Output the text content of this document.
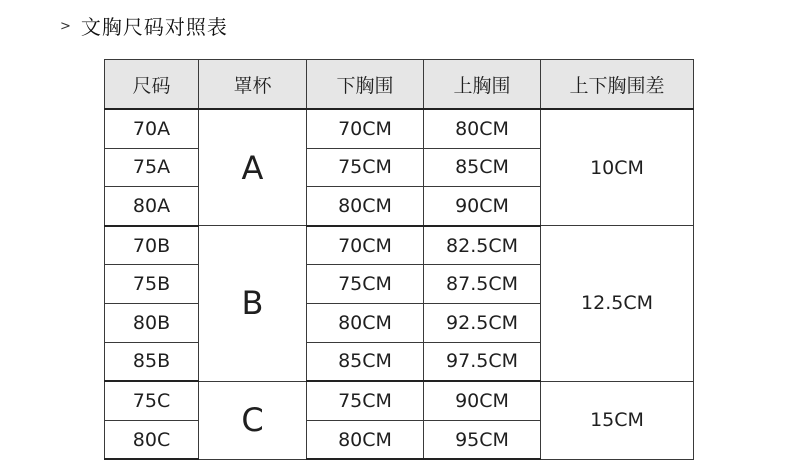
> 文胸尺码对照表
尺码	罩杯	下胸围	上胸围	上下胸围差
70A	A	70CM	80CM	10CM
75A		75CM	85CM	
80A		80CM	90CM	
70B	B	70CM	82.5CM	12.5CM
75B		75CM	87.5CM	
80B		80CM	92.5CM	
85B		85CM	97.5CM	
75C	C	75CM	90CM	15CM
80C		80CM	95CM	
